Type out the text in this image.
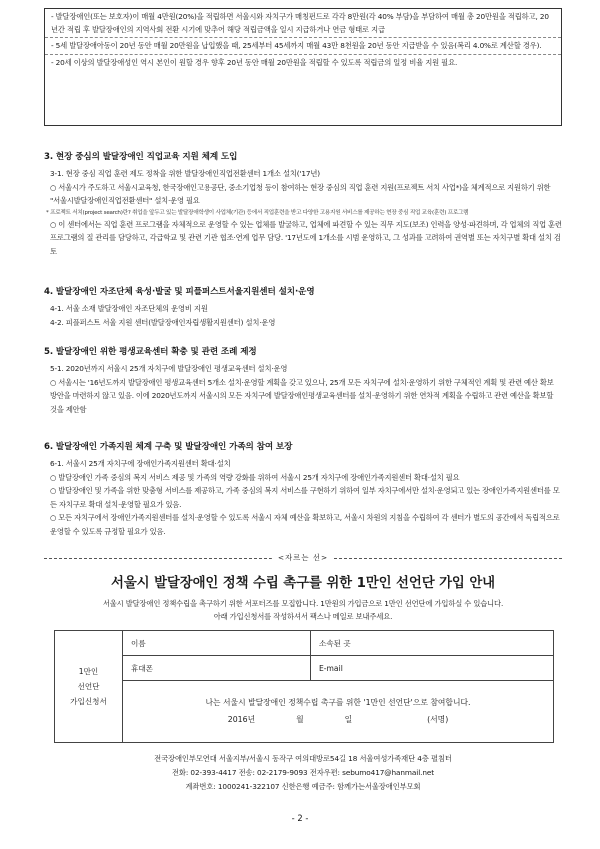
- 발달장애인(또는 보호자)이 매월 4만원(20%)을 적립하면 서울시와 자치구가 매칭펀드로 각각 8만원(각 40% 부담)을 부담하여 매월 총 20만원을 적립하고, 20년간 적립 후 발달장애인의 지역사회 전환 시기에 맞추어 해당 적립금액을 일시 지급하거나 연금 형태로 지급
- 5세 발달장애아동이 20년 동안 매월 20만원을 납입했을 때, 25세부터 45세까지 매월 43만 8천원을 20년 동안 지급받을 수 있음(복리 4.0%로 계산할 경우).
- 20세 이상의 발달장애성인 역시 본인이 원할 경우 향후 20년 동안 매월 20만원을 적립할 수 있도록 적립금의 일정 비율 지원 필요.
3. 현장 중심의 발달장애인 직업교육 지원 체계 도입
3-1. 현장 중심 직업 훈련 제도 정착을 위한 발달장애인직업전환센터 1개소 설치('17년)
○ 서울시가 주도하고 서울시교육청, 한국장애인고용공단, 중소기업청 등이 참여하는 현장 중심의 직업 훈련 지원(프로젝트 서치 사업*)을 체계적으로 지원하기 위한 "서울시발달장애인직업전환센터" 설치·운영 필요
* 프로젝트 서치(project search)란? 취업을 앞두고 있는 발달장애학생이 사업체(기관) 등에서 직업훈련을 받고 다양한 고용지원 서비스를 제공하는 현장 중심 직업 교육(훈련) 프로그램
○ 이 센터에서는 직업 훈련 프로그램을 자체적으로 운영할 수 있는 업체를 발굴하고, 업체에 파견할 수 있는 직무 지도(보조) 인력을 양성·파견하며, 각 업체의 직업 훈련 프로그램의 질 관리를 담당하고, 각급학교 및 관련 기관 협조·연계 업무 담당. '17년도에 1개소를 시범 운영하고, 그 성과를 고려하여 권역별 또는 자치구별 확대 설치 검토
4. 발달장애인 자조단체 육성·발굴 및 피플퍼스트서울지원센터 설치·운영
4-1. 서울 소재 발달장애인 자조단체의 운영비 지원
4-2. 피플퍼스트 서울 지원 센터(발달장애인자립생활지원센터) 설치·운영
5. 발달장애인 위한 평생교육센터 확충 및 관련 조례 제정
5-1. 2020년까지 서울시 25개 자치구에 발달장애인 평생교육센터 설치·운영
○ 서울시는 '16년도까지 발달장애인 평생교육센터 5개소 설치·운영할 계획을 갖고 있으나, 25개 모든 자치구에 설치·운영하기 위한 구체적인 계획 및 관련 예산 확보 방안을 마련하지 않고 있음. 이에 2020년도까지 서울시의 모든 자치구에 발달장애인평생교육센터를 설치·운영하기 위한 연차적 계획을 수립하고 관련 예산을 확보할 것을 제안함
6. 발달장애인 가족지원 체계 구축 및 발달장애인 가족의 참여 보장
6-1. 서울시 25개 자치구에 장애인가족지원센터 확대·설치
○ 발달장애인 가족 중심의 복지 서비스 제공 및 가족의 역량 강화를 위하여 서울시 25개 자치구에 장애인가족지원센터 확대·설치 필요
○ 발달장애인 및 가족을 위한 맞춤형 서비스를 제공하고, 가족 중심의 복지 서비스를 구현하기 위하여 일부 자치구에서만 설치·운영되고 있는 장애인가족지원센터를 모든 자치구로 확대 설치·운영할 필요가 있음.
○ 모든 자치구에서 장애인가족지원센터를 설치·운영할 수 있도록 서울시 자체 예산을 확보하고, 서울시 차원의 지침을 수립하여 각 센터가 별도의 공간에서 독립적으로 운영할 수 있도록 규정할 필요가 있음.
<자르는 선>
서울시 발달장애인 정책 수립 촉구를 위한 1만인 선언단 가입 안내
서울시 발달장애인 정책수립을 촉구하기 위한 서포터즈를 모집합니다. 1만원의 가입금으로 1만인 선언단에 가입하실 수 있습니다.
아래 가입신청서를 작성하셔서 팩스나 메일로 보내주세요.
1만인
선언단
가입신청서	이름	소속된 곳
	휴대폰	E-mail

	나는 서울시 발달장애인 정책수립 촉구를 위한 '1만인 선언단'으로 참여합니다.
2016년 월 일 (서명)	
전국장애인부모연대 서울지부/서울시 동작구 여의대방로54길 18 서울여성가족재단 4층 펼침터
전화: 02-393-4417 전송: 02-2179-9093 전자우편: sebumo417@hanmail.net
계좌번호: 1000241-322107 신한은행 예금주: 함께가는서울장애인부모회
- 2 -
